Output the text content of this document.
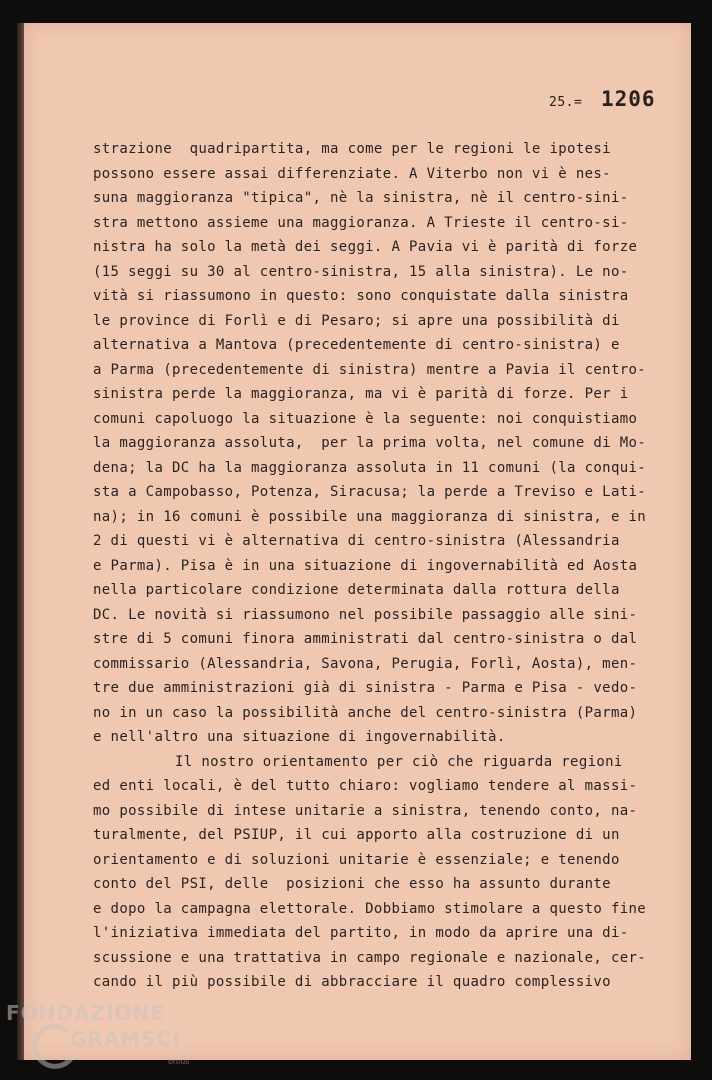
25.= 1206
strazione  quadripartita, ma come per le regioni le ipotesi
possono essere assai differenziate. A Viterbo non vi è nes-
suna maggioranza "tipica", nè la sinistra, nè il centro-sini-
stra mettono assieme una maggioranza. A Trieste il centro-si-
nistra ha solo la metà dei seggi. A Pavia vi è parità di forze
(15 seggi su 30 al centro-sinistra, 15 alla sinistra). Le no-
vità si riassumono in questo: sono conquistate dalla sinistra
le province di Forlì e di Pesaro; si apre una possibilità di
alternativa a Mantova (precedentemente di centro-sinistra) e
a Parma (precedentemente di sinistra) mentre a Pavia il centro-
sinistra perde la maggioranza, ma vi è parità di forze. Per i
comuni capoluogo la situazione è la seguente: noi conquistiamo
la maggioranza assoluta,  per la prima volta, nel comune di Mo-
dena; la DC ha la maggioranza assoluta in 11 comuni (la conqui-
sta a Campobasso, Potenza, Siracusa; la perde a Treviso e Lati-
na); in 16 comuni è possibile una maggioranza di sinistra, e in
2 di questi vi è alternativa di centro-sinistra (Alessandria
e Parma). Pisa è in una situazione di ingovernabilità ed Aosta
nella particolare condizione determinata dalla rottura della
DC. Le novità si riassumono nel possibile passaggio alle sini-
stre di 5 comuni finora amministrati dal centro-sinistra o dal
commissario (Alessandria, Savona, Perugia, Forlì, Aosta), men-
tre due amministrazioni già di sinistra - Parma e Pisa - vedo-
no in un caso la possibilità anche del centro-sinistra (Parma)
e nell'altro una situazione di ingovernabilità.
Il nostro orientamento per ciò che riguarda regioni
ed enti locali, è del tutto chiaro: vogliamo tendere al massi-
mo possibile di intese unitarie a sinistra, tenendo conto, na-
turalmente, del PSIUP, il cui apporto alla costruzione di un
orientamento e di soluzioni unitarie è essenziale; e tenendo
conto del PSI, delle  posizioni che esso ha assunto durante
e dopo la campagna elettorale. Dobbiamo stimolare a questo fine
l'iniziativa immediata del partito, in modo da aprire una di-
scussione e una trattativa in campo regionale e nazionale, cer-
cando il più possibile di abbracciare il quadro complessivo
FONDAZIONE
GRAMSCI
onlus
